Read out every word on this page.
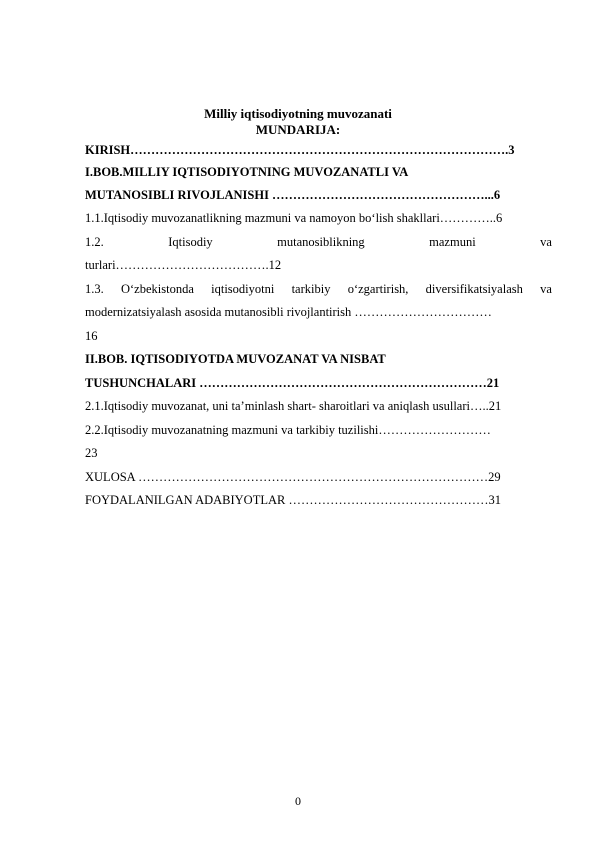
Milliy iqtisodiyotning muvozanati
MUNDARIJA:
KIRISH……………………………………………………………………………….3
I.BOB.MILLIY IQTISODIYOTNING MUVOZANATLI VA
MUTANOSIBLI RIVOJLANISHI ……………………………………………...6
1.1.Iqtisodiy muvozanatlikning mazmuni va namoyon bo‘lish shakllari…………..6
1.2.	Iqtisodiy	mutanosiblikning	mazmuni	va
turlari……………………………….12
1.3. O‘zbekistonda iqtisodiyotni tarkibiy o‘zgartirish, diversifikatsiyalash va
modernizatsiyalash asosida mutanosibli rivojlantirish ……………………………
16
II.BOB. IQTISODIYOTDA MUVOZANAT VA NISBAT
TUSHUNCHALARI ……………………………………………………………21
2.1.Iqtisodiy muvozanat, uni ta’minlash shart- sharoitlari va aniqlash usullari…..21
2.2.Iqtisodiy muvozanatning mazmuni va tarkibiy tuzilishi………………………
23
XULOSA …………………………………………………………………………29
FOYDALANILGAN ADABIYOTLAR …………………………………………31
0
